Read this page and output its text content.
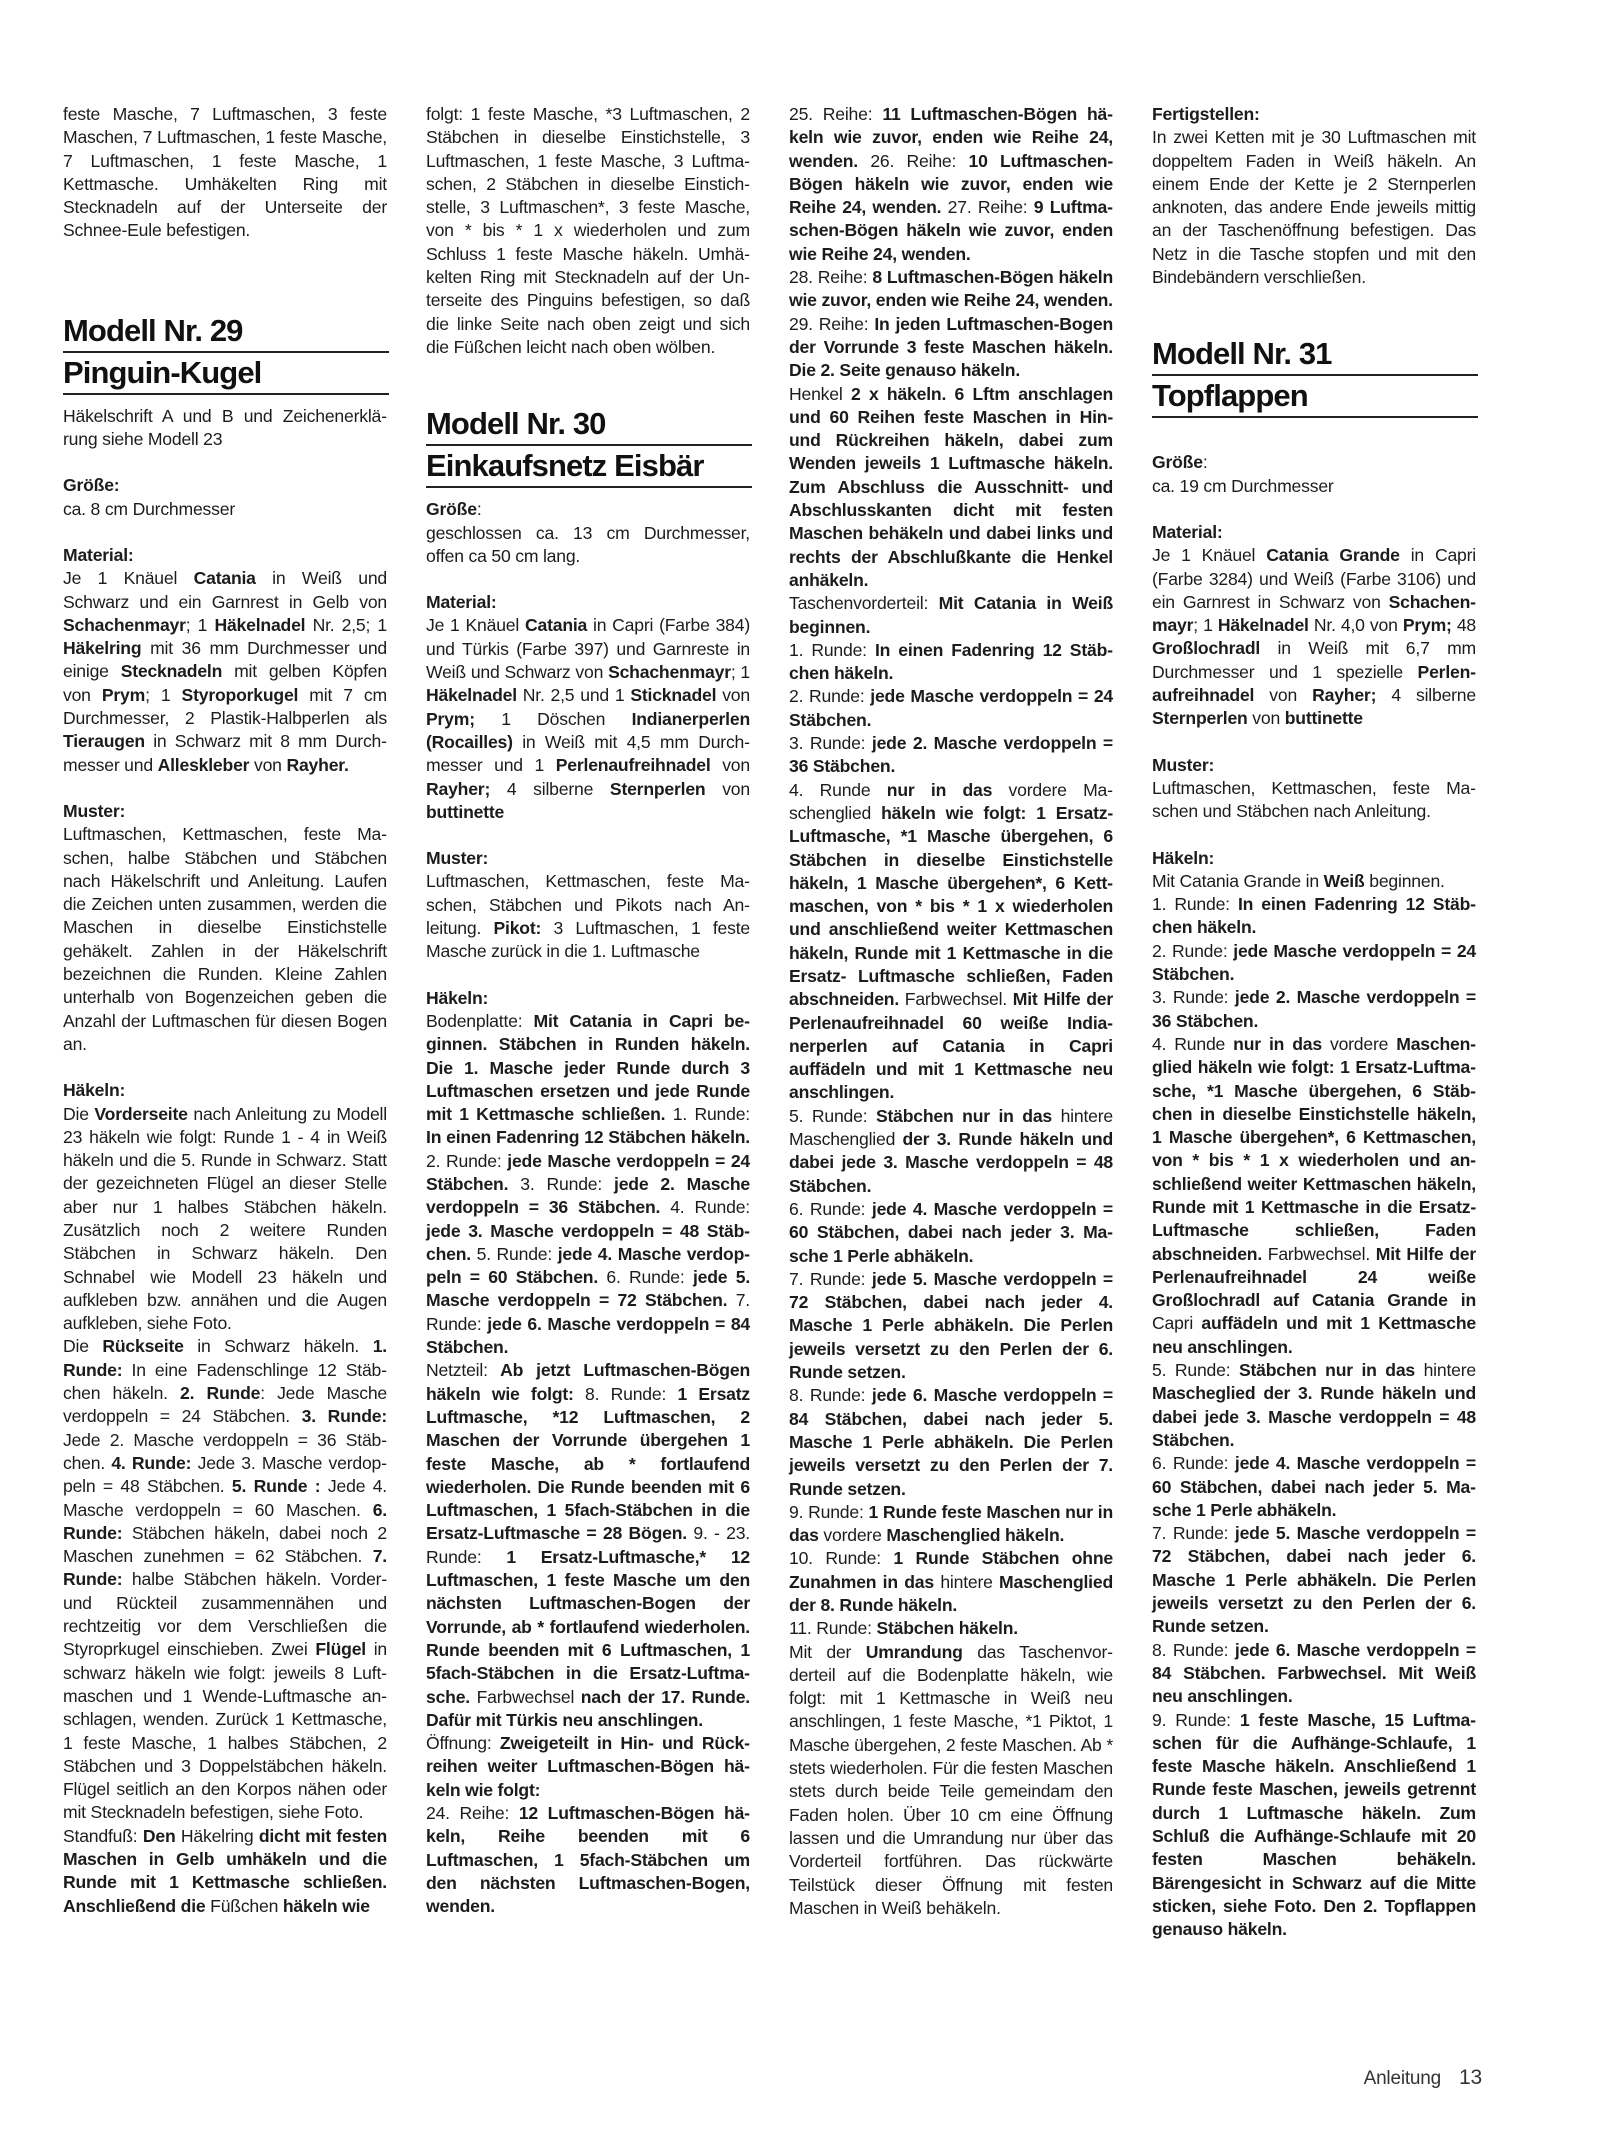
feste Masche, 7 Luftmaschen, 3 feste Maschen, 7 Luftmaschen, 1 feste Masche, 7 Luftmaschen, 1 feste Masche, 1 Kettmasche. Umhäkelten Ring mit Stecknadeln auf der Unterseite der Schnee-Eule befestigen.

Modell Nr. 29
Pinguin-Kugel

Häkelschrift A und B und Zeichenerklärung siehe Modell 23

Größe:

ca. 8 cm Durchmesser

Material:

Je 1 Knäuel Catania in Weiß und Schwarz und ein Garnrest in Gelb von Schachenmayr; 1 Häkelnadel Nr. 2,5; 1 Häkelring mit 36 mm Durchmesser und einige Stecknadeln mit gelben Köpfen von Prym; 1 Styroporkugel mit 7 cm Durchmesser, 2 Plastik-Halbperlen als Tieraugen in Schwarz mit 8 mm Durchmesser und Alleskleber von Rayher.

Muster:

Luftmaschen, Kettmaschen, feste Maschen, halbe Stäbchen und Stäbchen nach Häkelschrift und Anleitung. Laufen die Zeichen unten zusammen, werden die Maschen in dieselbe Einstichstelle gehäkelt. Zahlen in der Häkelschrift bezeichnen die Runden. Kleine Zahlen unterhalb von Bogenzeichen geben die Anzahl der Luftmaschen für diesen Bogen an.

Häkeln:

Die Vorderseite nach Anleitung zu Modell 23 häkeln wie folgt: Runde 1 - 4 in Weiß häkeln und die 5. Runde in Schwarz. Statt der gezeichneten Flügel an dieser Stelle aber nur 1 halbes Stäbchen häkeln. Zusätzlich noch 2 weitere Runden Stäbchen in Schwarz häkeln. Den Schnabel wie Modell 23 häkeln und aufkleben bzw. annähen und die Augen aufkleben, siehe Foto.

Die Rückseite in Schwarz häkeln. 1. Runde: In eine Fadenschlinge 12 Stäbchen häkeln. 2. Runde: Jede Masche verdoppeln = 24 Stäbchen. 3. Runde: Jede 2. Masche verdoppeln = 36 Stäbchen. 4. Runde: Jede 3. Masche verdoppeln = 48 Stäbchen. 5. Runde : Jede 4. Masche verdoppeln = 60 Maschen. 6. Runde: Stäbchen häkeln, dabei noch 2 Maschen zunehmen = 62 Stäbchen. 7. Runde: halbe Stäbchen häkeln. Vorder- und Rückteil zusammennähen und rechtzeitig vor dem Verschließen die Styroprkugel einschieben. Zwei Flügel in schwarz häkeln wie folgt: jeweils 8 Luftmaschen und 1 Wende-Luftmasche anschlagen, wenden. Zurück 1 Kettmasche, 1 feste Masche, 1 halbes Stäbchen, 2 Stäbchen und 3 Doppelstäbchen häkeln. Flügel seitlich an den Korpos nähen oder mit Stecknadeln befestigen, siehe Foto.

Standfuß: Den Häkelring dicht mit festen Maschen in Gelb umhäkeln und die Runde mit 1 Kettmasche schließen. Anschließend die Füßchen häkeln wie

folgt: 1 feste Masche, *3 Luftmaschen, 2 Stäbchen in dieselbe Einstichstelle, 3 Luftmaschen, 1 feste Masche, 3 Luftmaschen, 2 Stäbchen in dieselbe Einstichstelle, 3 Luftmaschen*, 3 feste Masche, von * bis * 1 x wiederholen und zum Schluss 1 feste Masche häkeln. Umhäkelten Ring mit Stecknadeln auf der Unterseite des Pinguins befestigen, so daß die linke Seite nach oben zeigt und sich die Füßchen leicht nach oben wölben.

Modell Nr. 30
Einkaufsnetz Eisbär

Größe:

geschlossen ca. 13 cm Durchmesser, offen ca 50 cm lang.

Material:

Je 1 Knäuel Catania in Capri (Farbe 384) und Türkis (Farbe 397) und Garnreste in Weiß und Schwarz von Schachenmayr; 1 Häkelnadel Nr. 2,5 und 1 Sticknadel von Prym; 1 Döschen Indianerperlen (Rocailles) in Weiß mit 4,5 mm Durchmesser und 1 Perlenaufreihnadel von Rayher; 4 silberne Sternperlen von buttinette

Muster:

Luftmaschen, Kettmaschen, feste Maschen, Stäbchen und Pikots nach Anleitung. Pikot: 3 Luftmaschen, 1 feste Masche zurück in die 1. Luftmasche

Häkeln:

Bodenplatte: Mit Catania in Capri beginnen. Stäbchen in Runden häkeln. Die 1. Masche jeder Runde durch 3 Luftmaschen ersetzen und jede Runde mit 1 Kettmasche schließen. 1. Runde: In einen Fadenring 12 Stäbchen häkeln. 2. Runde: jede Masche verdoppeln = 24 Stäbchen. 3. Runde: jede 2. Masche verdoppeln = 36 Stäbchen. 4. Runde: jede 3. Masche verdoppeln = 48 Stäbchen. 5. Runde: jede 4. Masche verdoppeln = 60 Stäbchen. 6. Runde: jede 5. Masche verdoppeln = 72 Stäbchen. 7. Runde: jede 6. Masche verdoppeln = 84 Stäbchen.

Netzteil: Ab jetzt Luftmaschen-Bögen häkeln wie folgt: 8. Runde: 1 Ersatz Luftmasche, *12 Luftmaschen, 2 Maschen der Vorrunde übergehen 1 feste Masche, ab * fortlaufend wiederholen. Die Runde beenden mit 6 Luftmaschen, 1 5fach-Stäbchen in die Ersatz-Luftmasche = 28 Bögen. 9. - 23. Runde: 1 Ersatz-Luftmasche,* 12 Luftmaschen, 1 feste Masche um den nächsten Luftmaschen-Bogen der Vorrunde, ab * fortlaufend wiederholen. Runde beenden mit 6 Luftmaschen, 1 5fach-Stäbchen in die Ersatz-Luftmasche. Farbwechsel nach der 17. Runde. Dafür mit Türkis neu anschlingen.

Öffnung: Zweigeteilt in Hin- und Rückreihen weiter Luftmaschen-Bögen häkeln wie folgt:

24. Reihe: 12 Luftmaschen-Bögen häkeln, Reihe beenden mit 6 Luftmaschen, 1 5fach-Stäbchen um den nächsten Luftmaschen-Bogen, wenden.

25. Reihe: 11 Luftmaschen-Bögen häkeln wie zuvor, enden wie Reihe 24, wenden. 26. Reihe: 10 Luftmaschen-Bögen häkeln wie zuvor, enden wie Reihe 24, wenden. 27. Reihe: 9 Luftmaschen-Bögen häkeln wie zuvor, enden wie Reihe 24, wenden.

28. Reihe: 8 Luftmaschen-Bögen häkeln wie zuvor, enden wie Reihe 24, wenden.

29. Reihe: In jeden Luftmaschen-Bogen der Vorrunde 3 feste Maschen häkeln. Die 2. Seite genauso häkeln.

Henkel 2 x häkeln. 6 Lftm anschlagen und 60 Reihen feste Maschen in Hin- und Rückreihen häkeln, dabei zum Wenden jeweils 1 Luftmasche häkeln. Zum Abschluss die Ausschnitt- und Abschlusskanten dicht mit festen Maschen behäkeln und dabei links und rechts der Abschlußkante die Henkel anhäkeln.

Taschenvorderteil: Mit Catania in Weiß beginnen.

1. Runde: In einen Fadenring 12 Stäbchen häkeln.

2. Runde: jede Masche verdoppeln = 24 Stäbchen.

3. Runde: jede 2. Masche verdoppeln = 36 Stäbchen.

4. Runde nur in das vordere Maschenglied häkeln wie folgt: 1 Ersatz-Luftmasche, *1 Masche übergehen, 6 Stäbchen in dieselbe Einstichstelle häkeln, 1 Masche übergehen*, 6 Kettmaschen, von * bis * 1 x wiederholen und anschließend weiter Kettmaschen häkeln, Runde mit 1 Kettmasche in die Ersatz- Luftmasche schließen, Faden abschneiden. Farbwechsel. Mit Hilfe der Perlenaufreihnadel 60 weiße Indianerperlen auf Catania in Capri auffädeln und mit 1 Kettmasche neu anschlingen.

5. Runde: Stäbchen nur in das hintere Maschenglied der 3. Runde häkeln und dabei jede 3. Masche verdoppeln = 48 Stäbchen.

6. Runde: jede 4. Masche verdoppeln = 60 Stäbchen, dabei nach jeder 3. Masche 1 Perle abhäkeln.

7. Runde: jede 5. Masche verdoppeln = 72 Stäbchen, dabei nach jeder 4. Masche 1 Perle abhäkeln. Die Perlen jeweils versetzt zu den Perlen der 6. Runde setzen.

8. Runde: jede 6. Masche verdoppeln = 84 Stäbchen, dabei nach jeder 5. Masche 1 Perle abhäkeln. Die Perlen jeweils versetzt zu den Perlen der 7. Runde setzen.

9. Runde: 1 Runde feste Maschen nur in das vordere Maschenglied häkeln.

10. Runde: 1 Runde Stäbchen ohne Zunahmen in das hintere Maschenglied der 8. Runde häkeln.

11. Runde: Stäbchen häkeln.

Mit der Umrandung das Taschenvorderteil auf die Bodenplatte häkeln, wie folgt: mit 1 Kettmasche in Weiß neu anschlingen, 1 feste Masche, *1 Piktot, 1 Masche übergehen, 2 feste Maschen. Ab * stets wiederholen. Für die festen Maschen stets durch beide Teile gemeindam den Faden holen. Über 10 cm eine Öffnung lassen und die Umrandung nur über das Vorderteil fortführen. Das rückwärte Teilstück dieser Öffnung mit festen Maschen in Weiß behäkeln.

Fertigstellen:

In zwei Ketten mit je 30 Luftmaschen mit doppeltem Faden in Weiß häkeln. An einem Ende der Kette je 2 Sternperlen anknoten, das andere Ende jeweils mittig an der Taschenöffnung befestigen. Das Netz in die Tasche stopfen und mit den Bindebändern verschließen.

Modell Nr. 31
Topflappen

Größe:

ca. 19 cm Durchmesser

Material:

Je 1 Knäuel Catania Grande in Capri (Farbe 3284) und Weiß (Farbe 3106) und ein Garnrest in Schwarz von Schachenmayr; 1 Häkelnadel Nr. 4,0 von Prym; 48 Großlochradl in Weiß mit 6,7 mm Durchmesser und 1 spezielle Perlenaufreihnadel von Rayher; 4 silberne Sternperlen von buttinette

Muster:

Luftmaschen, Kettmaschen, feste Maschen und Stäbchen nach Anleitung.

Häkeln:

Mit Catania Grande in Weiß beginnen.

1. Runde: In einen Fadenring 12 Stäbchen häkeln.

2. Runde: jede Masche verdoppeln = 24 Stäbchen.

3. Runde: jede 2. Masche verdoppeln = 36 Stäbchen.

4. Runde nur in das vordere Maschenglied häkeln wie folgt: 1 Ersatz-Luftmasche, *1 Masche übergehen, 6 Stäbchen in dieselbe Einstichstelle häkeln, 1 Masche übergehen*, 6 Kettmaschen, von * bis * 1 x wiederholen und anschließend weiter Kettmaschen häkeln, Runde mit 1 Kettmasche in die Ersatz-Luftmasche schließen, Faden abschneiden. Farbwechsel. Mit Hilfe der Perlenaufreihnadel 24 weiße Großlochradl auf Catania Grande in Capri auffädeln und mit 1 Kettmasche neu anschlingen.

5. Runde: Stäbchen nur in das hintere Mascheglied der 3. Runde häkeln und dabei jede 3. Masche verdoppeln = 48 Stäbchen.

6. Runde: jede 4. Masche verdoppeln = 60 Stäbchen, dabei nach jeder 5. Masche 1 Perle abhäkeln.

7. Runde: jede 5. Masche verdoppeln = 72 Stäbchen, dabei nach jeder 6. Masche 1 Perle abhäkeln. Die Perlen jeweils versetzt zu den Perlen der 6. Runde setzen.

8. Runde: jede 6. Masche verdoppeln = 84 Stäbchen. Farbwechsel. Mit Weiß neu anschlingen.

9. Runde: 1 feste Masche, 15 Luftmaschen für die Aufhänge-Schlaufe, 1 feste Masche häkeln. Anschließend 1 Runde feste Maschen, jeweils getrennt durch 1 Luftmasche häkeln. Zum Schluß die Aufhänge-Schlaufe mit 20 festen Maschen behäkeln. Bärengesicht in Schwarz auf die Mitte sticken, siehe Foto. Den 2. Topflappen genauso häkeln.

Anleitung 13
